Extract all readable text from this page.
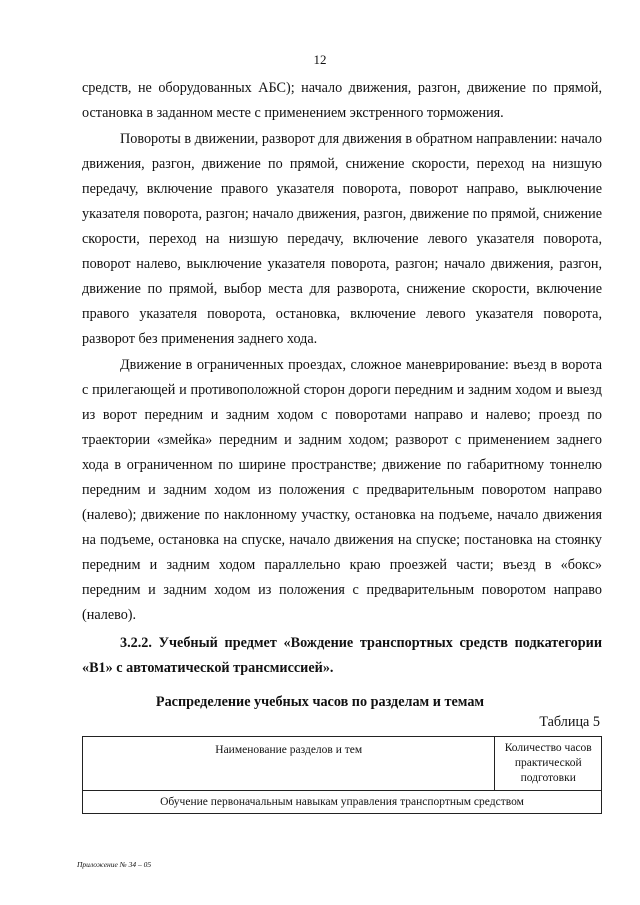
12

средств, не оборудованных АБС); начало движения, разгон, движение по прямой, остановка в заданном месте с применением экстренного торможения.

Повороты в движении, разворот для движения в обратном направлении: начало движения, разгон, движение по прямой, снижение скорости, переход на низшую передачу, включение правого указателя поворота, поворот направо, выключение указателя поворота, разгон; начало движения, разгон, движение по прямой, снижение скорости, переход на низшую передачу, включение левого указателя поворота, поворот налево, выключение указателя поворота, разгон; начало движения, разгон, движение по прямой, выбор места для разворота, снижение скорости, включение правого указателя поворота, остановка, включение левого указателя поворота, разворот без применения заднего хода.

Движение в ограниченных проездах, сложное маневрирование: въезд в ворота с прилегающей и противоположной сторон дороги передним и задним ходом и выезд из ворот передним и задним ходом с поворотами направо и налево; проезд по траектории «змейка» передним и задним ходом; разворот с применением заднего хода в ограниченном по ширине пространстве; движение по габаритному тоннелю передним и задним ходом из положения с предварительным поворотом направо (налево); движение по наклонному участку, остановка на подъеме, начало движения на подъеме, остановка на спуске, начало движения на спуске; постановка на стоянку передним и задним ходом параллельно краю проезжей части; въезд в «бокс» передним и задним ходом из положения с предварительным поворотом направо (налево).

3.2.2. Учебный предмет «Вождение транспортных средств подкатегории «В1» с автоматической трансмиссией».

Распределение учебных часов по разделам и темам
Таблица 5
Наименование разделов и тем	Количество часов практической подготовки
Обучение первоначальным навыкам управления транспортным средством
Приложение № 34 – 05
